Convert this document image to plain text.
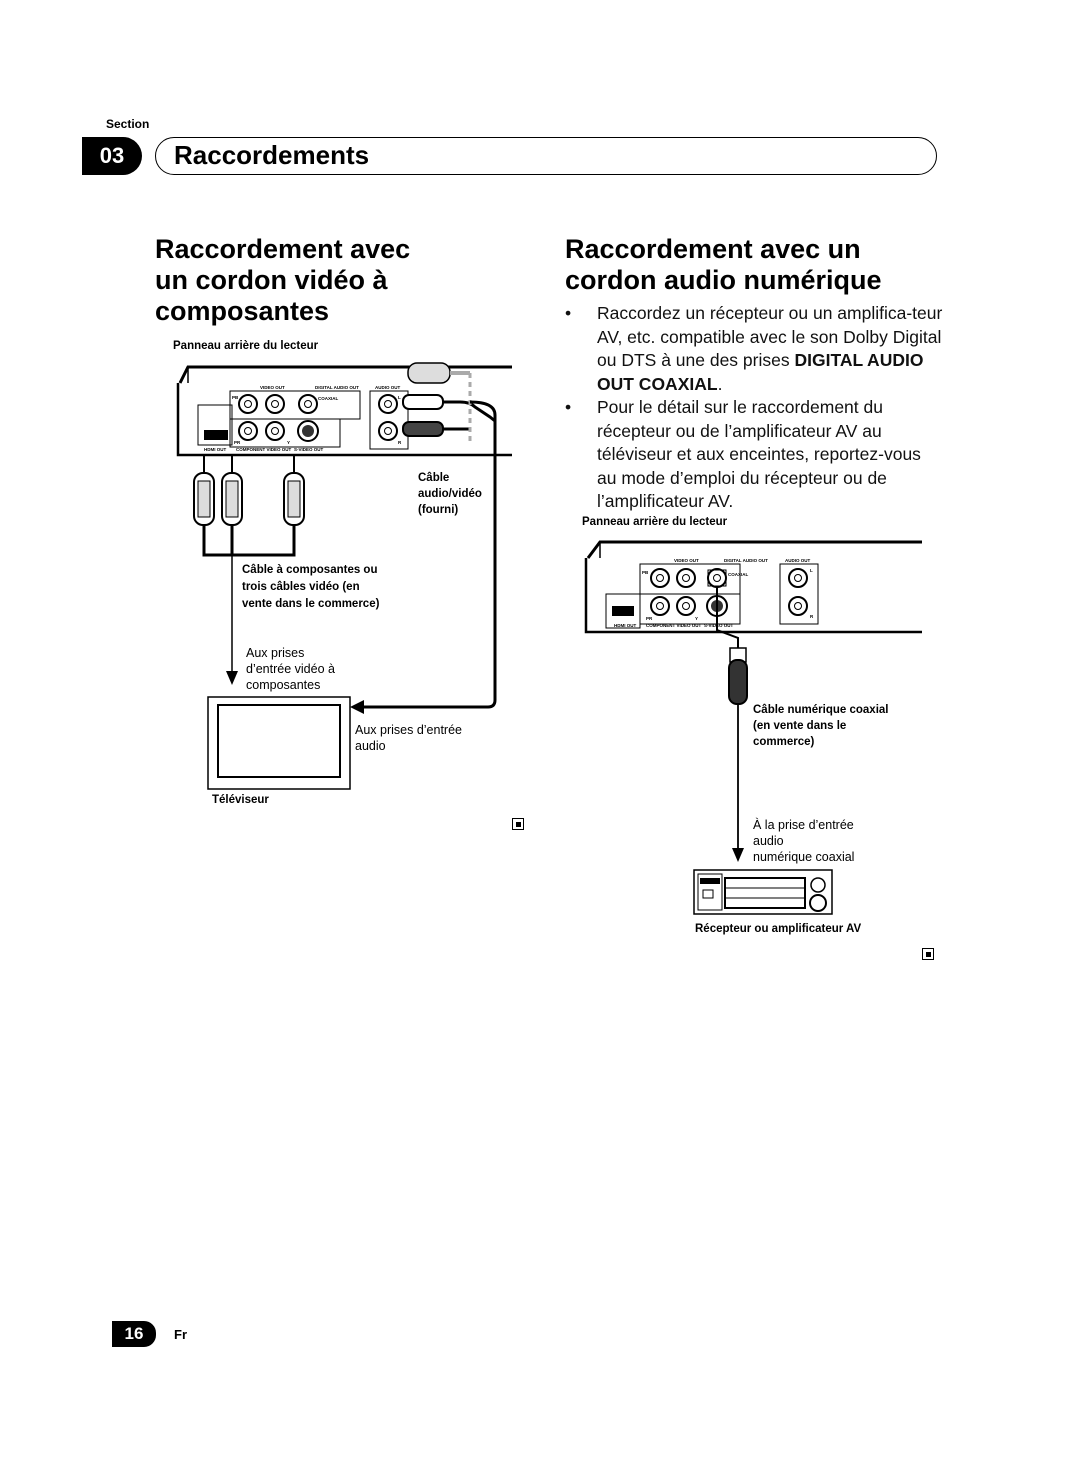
Section
03	Raccordements
Raccordement avec
un cordon vidéo à
composantes
Raccordement avec un
cordon audio numérique
• Raccordez un récepteur ou un amplifica-teur AV, etc. compatible avec le son Dolby Digital ou DTS à une des prises DIGITAL AUDIO OUT COAXIAL.
• Pour le détail sur le raccordement du récepteur ou de l’amplificateur AV au téléviseur et aux enceintes, reportez-vous au mode d’emploi du récepteur ou de l’amplificateur AV.
Panneau arrière du lecteur
VIDEO OUT	DIGITAL AUDIO OUT
COAXIAL
AUDIO OUT
PB
PR	Y
L
R
HDMI OUT COMPONENT VIDEO OUT S-VIDEO OUT
Câble
audio/vidéo
(fourni)
Câble à composantes ou
trois câbles vidéo (en
vente dans le commerce)
Aux prises
d’entrée vidéo à
composantes
Aux prises d’entrée
audio
Téléviseur
Panneau arrière du lecteur
VIDEO OUT	DIGITAL AUDIO OUT
COAXIAL
AUDIO OUT
PB
PR	Y
L
R
HDMI OUT COMPONENT VIDEO OUT S-VIDEO OUT
Câble numérique coaxial
(en vente dans le
commerce)
À la prise d’entrée
audio
numérique coaxial
Récepteur ou amplificateur AV
16	Fr
